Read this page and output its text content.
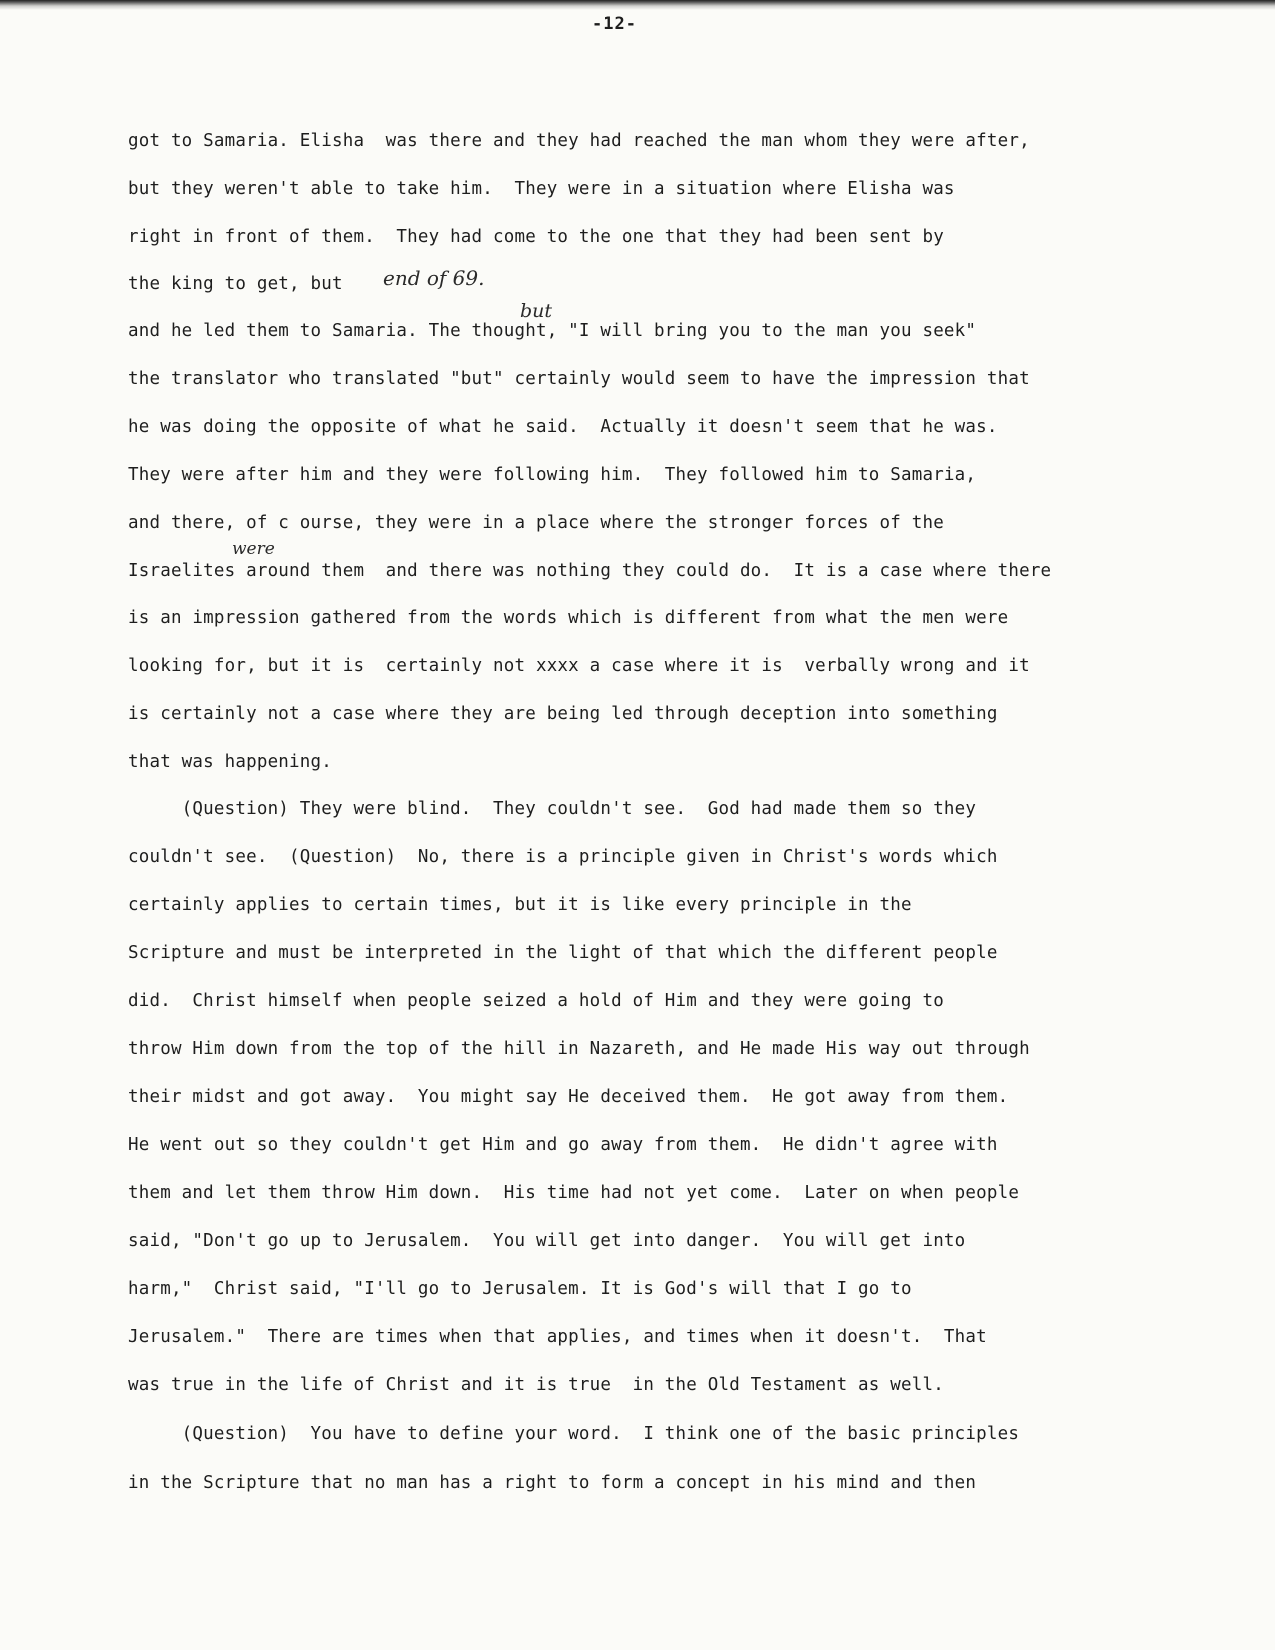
-12-
got to Samaria. Elisha  was there and they had reached the man whom they were after,
but they weren't able to take him.  They were in a situation where Elisha was
right in front of them.  They had come to the one that they had been sent by
the king to get, but
and he led them to Samaria. The thought, "I will bring you to the man you seek"
the translator who translated "but" certainly would seem to have the impression that
he was doing the opposite of what he said.  Actually it doesn't seem that he was.
They were after him and they were following him.  They followed him to Samaria,
and there, of c ourse, they were in a place where the stronger forces of the
Israelites around them  and there was nothing they could do.  It is a case where there
is an impression gathered from the words which is different from what the men were
looking for, but it is  certainly not xxxx a case where it is  verbally wrong and it
is certainly not a case where they are being led through deception into something
that was happening.
(Question) They were blind.  They couldn't see.  God had made them so they
couldn't see.  (Question)  No, there is a principle given in Christ's words which
certainly applies to certain times, but it is like every principle in the
Scripture and must be interpreted in the light of that which the different people
did.  Christ himself when people seized a hold of Him and they were going to
throw Him down from the top of the hill in Nazareth, and He made His way out through
their midst and got away.  You might say He deceived them.  He got away from them.
He went out so they couldn't get Him and go away from them.  He didn't agree with
them and let them throw Him down.  His time had not yet come.  Later on when people
said, "Don't go up to Jerusalem.  You will get into danger.  You will get into
harm,"  Christ said, "I'll go to Jerusalem. It is God's will that I go to
Jerusalem."  There are times when that applies, and times when it doesn't.  That
was true in the life of Christ and it is true  in the Old Testament as well.
(Question)  You have to define your word.  I think one of the basic principles
in the Scripture that no man has a right to form a concept in his mind and then
end of 69.
but
were
